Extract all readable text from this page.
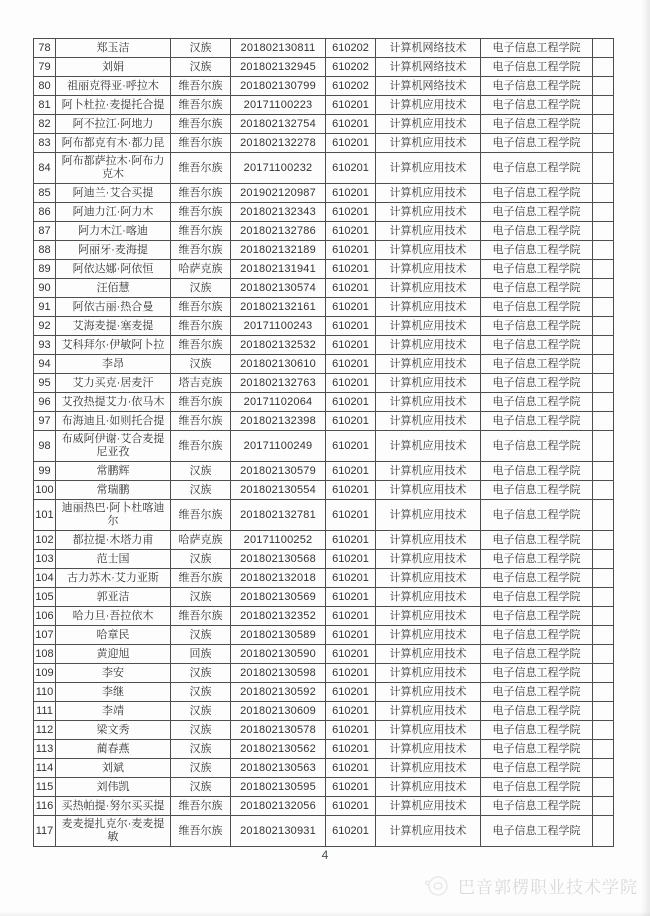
78	郑玉洁	汉族	201802130811	610202	计算机网络技术	电子信息工程学院	
79	刘娟	汉族	201802132945	610202	计算机网络技术	电子信息工程学院	
80	祖丽克得亚·呼拉木	维吾尔族	201802130799	610202	计算机网络技术	电子信息工程学院	
81	阿卜杜拉·麦提托合提	维吾尔族	20171100223	610201	计算机应用技术	电子信息工程学院	
82	阿不拉江·阿地力	维吾尔族	201802132754	610201	计算机应用技术	电子信息工程学院	
83	阿布都克有木·都力昆	维吾尔族	201802132278	610201	计算机应用技术	电子信息工程学院	
84	阿布都萨拉木·阿布力克木	维吾尔族	20171100232	610201	计算机应用技术	电子信息工程学院	
85	阿迪兰·艾合买提	维吾尔族	201902120987	610201	计算机应用技术	电子信息工程学院	
86	阿迪力江·阿力木	维吾尔族	201802132343	610201	计算机应用技术	电子信息工程学院	
87	阿力木江·喀迪	维吾尔族	201802132786	610201	计算机应用技术	电子信息工程学院	
88	阿丽牙·麦海提	维吾尔族	201802132189	610201	计算机应用技术	电子信息工程学院	
89	阿依达娜·阿依恒	哈萨克族	201802131941	610201	计算机应用技术	电子信息工程学院	
90	汪佰慧	汉族	201802130574	610201	计算机应用技术	电子信息工程学院	
91	阿依古丽·热合曼	维吾尔族	201802132161	610201	计算机应用技术	电子信息工程学院	
92	艾海麦提·塞麦提	维吾尔族	20171100243	610201	计算机应用技术	电子信息工程学院	
93	艾科拜尔·伊敏阿卜拉	维吾尔族	201802132532	610201	计算机应用技术	电子信息工程学院	
94	李昂	汉族	201802130610	610201	计算机应用技术	电子信息工程学院	
95	艾力买克·居麦汗	塔吉克族	201802132763	610201	计算机应用技术	电子信息工程学院	
96	艾孜热提艾力·依马木	维吾尔族	20171102064	610201	计算机应用技术	电子信息工程学院	
97	布海迪且·如则托合提	维吾尔族	201802132398	610201	计算机应用技术	电子信息工程学院	
98	布威阿伊谢·艾合麦提尼亚孜	维吾尔族	20171100249	610201	计算机应用技术	电子信息工程学院	
99	常鹏辉	汉族	201802130579	610201	计算机应用技术	电子信息工程学院	
100	常瑞鹏	汉族	201802130554	610201	计算机应用技术	电子信息工程学院	
101	迪丽热巴·阿卜杜喀迪尔	维吾尔族	201802132781	610201	计算机应用技术	电子信息工程学院	
102	都拉提·木塔力甫	哈萨克族	20171100252	610201	计算机应用技术	电子信息工程学院	
103	范士国	汉族	201802130568	610201	计算机应用技术	电子信息工程学院	
104	古力苏木·艾力亚斯	维吾尔族	201802132018	610201	计算机应用技术	电子信息工程学院	
105	郭亚洁	汉族	201802130569	610201	计算机应用技术	电子信息工程学院	
106	哈力旦·吾拉依木	维吾尔族	201802132352	610201	计算机应用技术	电子信息工程学院	
107	哈章民	汉族	201802130589	610201	计算机应用技术	电子信息工程学院	
108	黄迎旭	回族	201802130590	610201	计算机应用技术	电子信息工程学院	
109	李安	汉族	201802130598	610201	计算机应用技术	电子信息工程学院	
110	李继	汉族	201802130592	610201	计算机应用技术	电子信息工程学院	
111	李靖	汉族	201802130609	610201	计算机应用技术	电子信息工程学院	
112	梁文秀	汉族	201802130578	610201	计算机应用技术	电子信息工程学院	
113	蔺春燕	汉族	201802130562	610201	计算机应用技术	电子信息工程学院	
114	刘斌	汉族	201802130563	610201	计算机应用技术	电子信息工程学院	
115	刘伟凯	汉族	201802130595	610201	计算机应用技术	电子信息工程学院	
116	买热帕提·努尔买买提	维吾尔族	201802132056	610201	计算机应用技术	电子信息工程学院	
117	麦麦提扎克尔·麦麦提敏	维吾尔族	201802130931	610201	计算机应用技术	电子信息工程学院	
4
巴音郭楞职业技术学院
